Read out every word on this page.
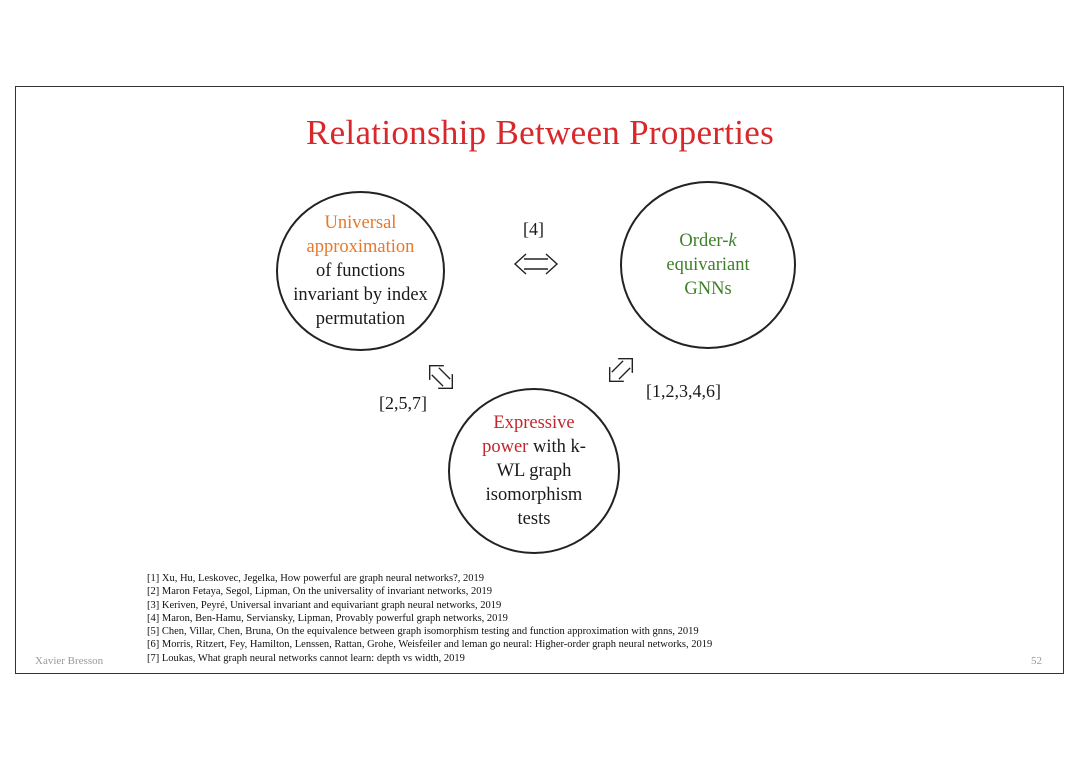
Relationship Between Properties
Universal
approximation
of functions
invariant by index
permutation
Order-k
equivariant
GNNs
Expressive
power with k-
WL graph
isomorphism
tests
[4]
[2,5,7]
[1,2,3,4,6]
[1] Xu, Hu, Leskovec, Jegelka, How powerful are graph neural networks?, 2019
[2] Maron Fetaya, Segol, Lipman, On the universality of invariant networks, 2019
[3] Keriven, Peyré, Universal invariant and equivariant graph neural networks, 2019
[4] Maron, Ben-Hamu, Serviansky, Lipman, Provably powerful graph networks, 2019
[5] Chen, Villar, Chen, Bruna, On the equivalence between graph isomorphism testing and function approximation with gnns, 2019
[6] Morris, Ritzert, Fey, Hamilton, Lenssen, Rattan, Grohe, Weisfeiler and leman go neural: Higher-order graph neural networks, 2019
[7] Loukas, What graph neural networks cannot learn: depth vs width, 2019
Xavier Bresson	52
